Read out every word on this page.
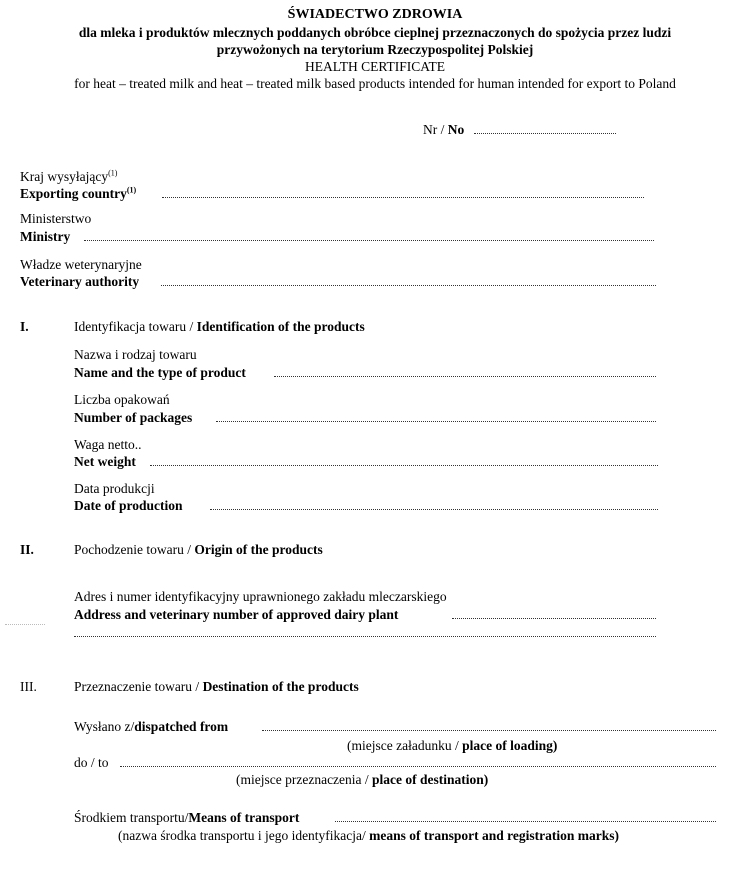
ŚWIADECTWO ZDROWIA
dla mleka i produktów mlecznych poddanych obróbce cieplnej przeznaczonych do spożycia przez ludzi
przywożonych na terytorium Rzeczypospolitej Polskiej
HEALTH CERTIFICATE
for heat – treated milk and heat – treated milk based products intended for human intended for export to Poland
Nr / No
Kraj wysyłający$^{(1)}$
Exporting country$^{(1)}$
Ministerstwo
Ministry
Władze weterynaryjne
Veterinary authority
I.	Identyfikacja towaru / Identification of the products
Nazwa i rodzaj towaru
Name and the type of product
Liczba opakowań
Number of packages
Waga netto..
Net weight
Data produkcji
Date of production
II.	Pochodzenie towaru / Origin of the products
Adres i numer identyfikacyjny uprawnionego zakładu mleczarskiego
Address and veterinary number of approved dairy plant
III.	Przeznaczenie towaru / Destination of the products
Wysłano z/dispatched from
(miejsce załadunku / place of loading)
do / to
(miejsce przeznaczenia / place of destination)
Środkiem transportu/Means of transport
(nazwa środka transportu i jego identyfikacja/ means of transport and registration marks)
